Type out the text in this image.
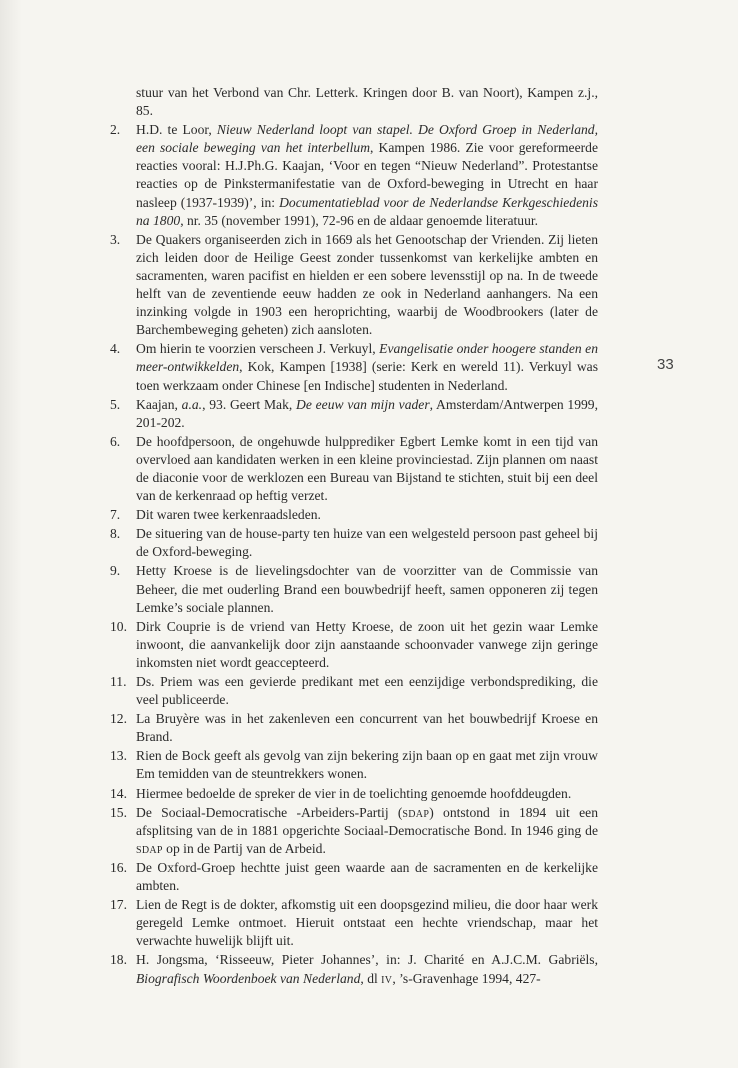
33
stuur van het Verbond van Chr. Letterk. Kringen door B. van Noort), Kampen z.j., 85.
2.	H.D. te Loor, Nieuw Nederland loopt van stapel. De Oxford Groep in Nederland, een sociale beweging van het interbellum, Kampen 1986. Zie voor gereformeerde reacties vooral: H.J.Ph.G. Kaajan, ‘Voor en tegen “Nieuw Nederland”. Protestantse reacties op de Pinkstermanifestatie van de Oxford-beweging in Utrecht en haar nasleep (1937-1939)’, in: Documentatieblad voor de Nederlandse Kerkgeschiedenis na 1800, nr. 35 (november 1991), 72-96 en de aldaar genoemde literatuur.
3.	De Quakers organiseerden zich in 1669 als het Genootschap der Vrienden. Zij lieten zich leiden door de Heilige Geest zonder tussenkomst van kerkelijke ambten en sacramenten, waren pacifist en hielden er een sobere levensstijl op na. In de tweede helft van de zeventiende eeuw hadden ze ook in Nederland aanhangers. Na een inzinking volgde in 1903 een heroprichting, waarbij de Woodbrookers (later de Barchembeweging geheten) zich aansloten.
4.	Om hierin te voorzien verscheen J. Verkuyl, Evangelisatie onder hoogere standen en meer-ontwikkelden, Kok, Kampen [1938] (serie: Kerk en wereld 11). Verkuyl was toen werkzaam onder Chinese [en Indische] studenten in Nederland.
5.	Kaajan, a.a., 93. Geert Mak, De eeuw van mijn vader, Amsterdam/Antwerpen 1999, 201-202.
6.	De hoofdpersoon, de ongehuwde hulpprediker Egbert Lemke komt in een tijd van overvloed aan kandidaten werken in een kleine provinciestad. Zijn plannen om naast de diaconie voor de werklozen een Bureau van Bijstand te stichten, stuit bij een deel van de kerkenraad op heftig verzet.
7.	Dit waren twee kerkenraadsleden.
8.	De situering van de house-party ten huize van een welgesteld persoon past geheel bij de Oxford-beweging.
9.	Hetty Kroese is de lievelingsdochter van de voorzitter van de Commissie van Beheer, die met ouderling Brand een bouwbedrijf heeft, samen opponeren zij tegen Lemke’s sociale plannen.
10. Dirk Couprie is de vriend van Hetty Kroese, de zoon uit het gezin waar Lemke inwoont, die aanvankelijk door zijn aanstaande schoonvader vanwege zijn geringe inkomsten niet wordt geaccepteerd.
11. Ds. Priem was een gevierde predikant met een eenzijdige verbondsprediking, die veel publiceerde.
12. La Bruyère was in het zakenleven een concurrent van het bouwbedrijf Kroese en Brand.
13. Rien de Bock geeft als gevolg van zijn bekering zijn baan op en gaat met zijn vrouw Em temidden van de steuntrekkers wonen.
14. Hiermee bedoelde de spreker de vier in de toelichting genoemde hoofddeugden.
15. De Sociaal-Democratische -Arbeiders-Partij (sdap) ontstond in 1894 uit een afsplitsing van de in 1881 opgerichte Sociaal-Democratische Bond. In 1946 ging de sdap op in de Partij van de Arbeid.
16. De Oxford-Groep hechtte juist geen waarde aan de sacramenten en de kerkelijke ambten.
17. Lien de Regt is de dokter, afkomstig uit een doopsgezind milieu, die door haar werk geregeld Lemke ontmoet. Hieruit ontstaat een hechte vriendschap, maar het verwachte huwelijk blijft uit.
18. H. Jongsma, ‘Risseeuw, Pieter Johannes’, in: J. Charité en A.J.C.M. Gabriëls, Biografisch Woordenboek van Nederland, dl iv, ’s-Gravenhage 1994, 427-
